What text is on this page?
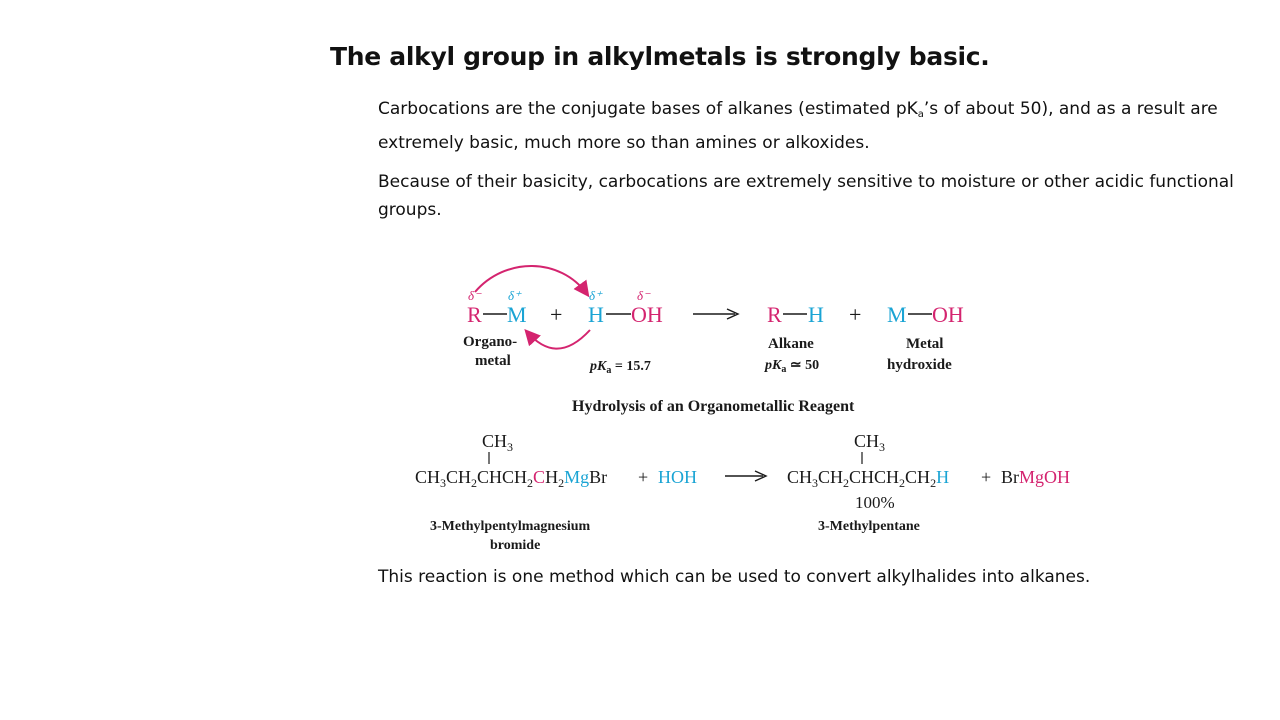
The alkyl group in alkylmetals is strongly basic.

Carbocations are the conjugate bases of alkanes (estimated $pK_a’s$ of about 50), and as a result are extremely basic, much more so than amines or alkoxides.

Because of their basicity, carbocations are extremely sensitive to moisture or other acidic functional groups.

δ⁻ δ⁺	δ⁺	δ⁻
R M + H OH	R H + M OH
Organo-
metal	$pK_a = 15.7$
Alkane
$pK_a$ ≃ 50
Metal
hydroxide
Hydrolysis of an Organometallic Reagent
$CH_3$
$CH_3CH_2CHCH_2CH_2MgBr$ + HOH
$CH_3$
$CH_3CH_2CHCH_2CH_2H$ + BrMgOH
100%
3-Methylpentylmagnesium
bromide
3-Methylpentane

This reaction is one method which can be used to convert alkylhalides into alkanes.
